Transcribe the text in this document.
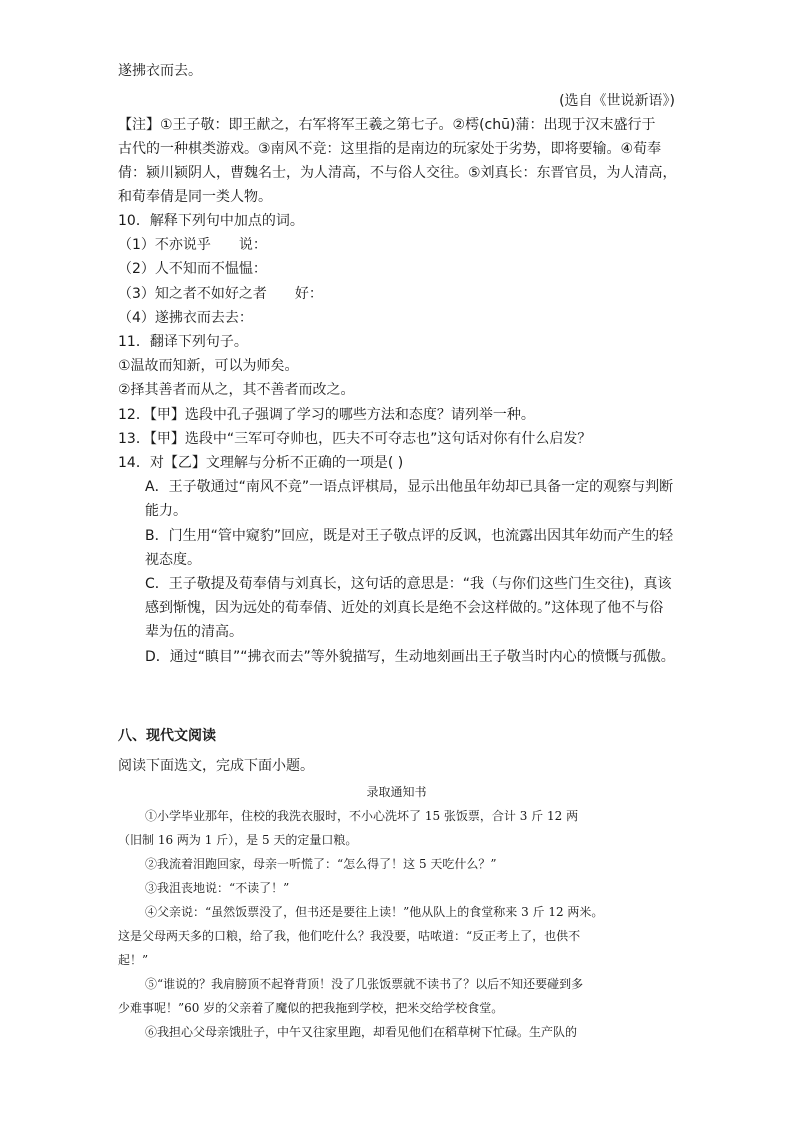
遂拂衣而去。
(选自《世说新语》)
【注】①王子敬：即王献之，右军将军王羲之第七子。②樗(chū)蒲：出现于汉末盛行于
古代的一种棋类游戏。③南风不竞：这里指的是南边的玩家处于劣势，即将要输。④荀奉
倩：颍川颍阴人，曹魏名士，为人清高，不与俗人交往。⑤刘真长：东晋官员，为人清高，
和荀奉倩是同一类人物。
10．解释下列句中加点的词。
（1）不亦说乎　　说：
（2）人不知而不愠愠：
（3）知之者不如好之者　　好：
（4）遂拂衣而去去：
11．翻译下列句子。
①温故而知新，可以为师矣。
②择其善者而从之，其不善者而改之。
12．【甲】选段中孔子强调了学习的哪些方法和态度？请列举一种。
13．【甲】选段中“三军可夺帅也，匹夫不可夺志也”这句话对你有什么启发？
14．对【乙】文理解与分析不正确的一项是( )
A．王子敬通过“南风不竞”一语点评棋局，显示出他虽年幼却已具备一定的观察与判断
能力。
B．门生用“管中窥豹”回应，既是对王子敬点评的反讽，也流露出因其年幼而产生的轻
视态度。
C．王子敬提及荀奉倩与刘真长，这句话的意思是：“我（与你们这些门生交往)，真该
感到惭愧，因为远处的荀奉倩、近处的刘真长是绝不会这样做的。”这体现了他不与俗
辈为伍的清高。
D．通过“瞋目”“拂衣而去”等外貌描写，生动地刻画出王子敬当时内心的愤慨与孤傲。
八、现代文阅读
阅读下面选文，完成下面小题。
录取通知书
①小学毕业那年，住校的我洗衣服时，不小心洗坏了 15 张饭票，合计 3 斤 12 两
（旧制 16 两为 1 斤），是 5 天的定量口粮。
②我流着泪跑回家，母亲一听慌了：“怎么得了！这 5 天吃什么？”
③我沮丧地说：“不读了！”
④父亲说：“虽然饭票没了，但书还是要往上读！”他从队上的食堂称来 3 斤 12 两米。
这是父母两天多的口粮，给了我，他们吃什么？我没要，咕哝道：“反正考上了，也供不
起！”
⑤“谁说的？我肩膀顶不起脊背顶！没了几张饭票就不读书了？以后不知还要碰到多
少难事呢！”60 岁的父亲着了魔似的把我拖到学校，把米交给学校食堂。
⑥我担心父母亲饿肚子，中午又往家里跑，却看见他们在稻草树下忙碌。生产队的
